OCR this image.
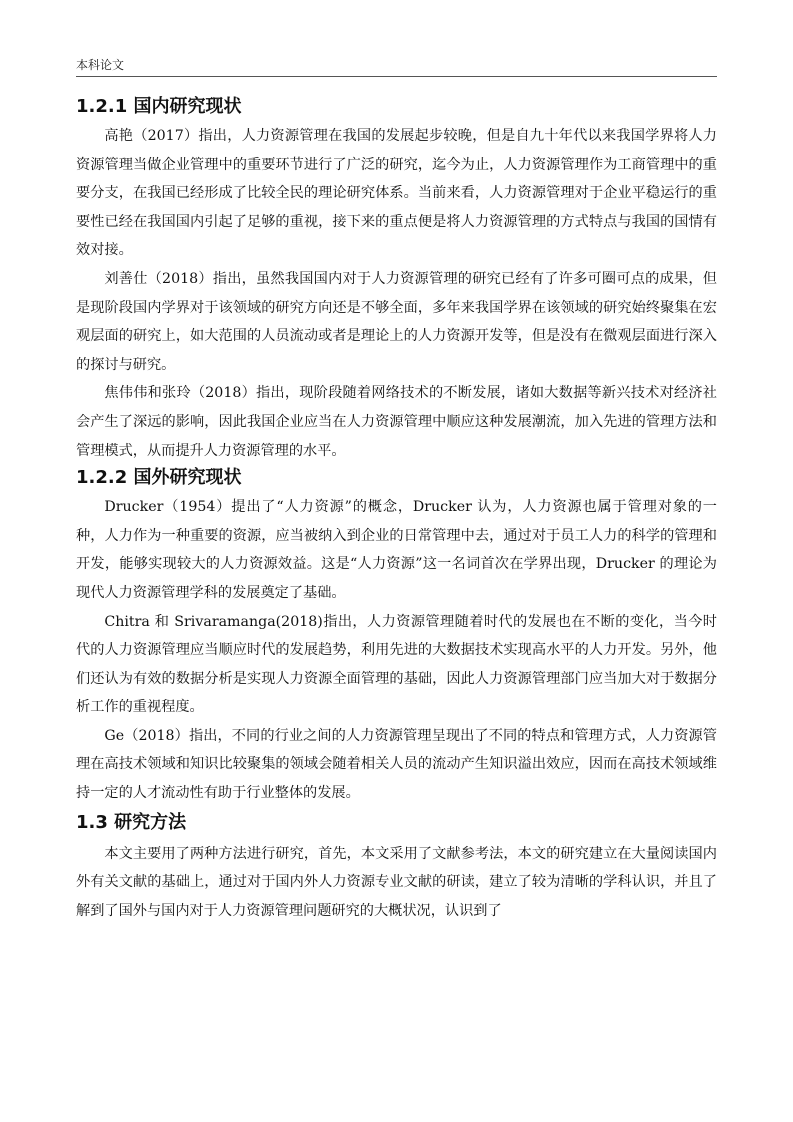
本科论文
1.2.1 国内研究现状

高艳（2017）指出，人力资源管理在我国的发展起步较晚，但是自九十年代以来我国学界将人力资源管理当做企业管理中的重要环节进行了广泛的研究，迄今为止，人力资源管理作为工商管理中的重要分支，在我国已经形成了比较全民的理论研究体系。当前来看，人力资源管理对于企业平稳运行的重要性已经在我国国内引起了足够的重视，接下来的重点便是将人力资源管理的方式特点与我国的国情有效对接。

刘善仕（2018）指出，虽然我国国内对于人力资源管理的研究已经有了许多可圈可点的成果，但是现阶段国内学界对于该领域的研究方向还是不够全面，多年来我国学界在该领域的研究始终聚集在宏观层面的研究上，如大范围的人员流动或者是理论上的人力资源开发等，但是没有在微观层面进行深入的探讨与研究。

焦伟伟和张玲（2018）指出，现阶段随着网络技术的不断发展，诸如大数据等新兴技术对经济社会产生了深远的影响，因此我国企业应当在人力资源管理中顺应这种发展潮流，加入先进的管理方法和管理模式，从而提升人力资源管理的水平。

1.2.2 国外研究现状

Drucker（1954）提出了“人力资源”的概念，Drucker 认为，人力资源也属于管理对象的一种，人力作为一种重要的资源，应当被纳入到企业的日常管理中去，通过对于员工人力的科学的管理和开发，能够实现较大的人力资源效益。这是“人力资源”这一名词首次在学界出现，Drucker 的理论为现代人力资源管理学科的发展奠定了基础。

Chitra 和 Srivaramanga(2018)指出，人力资源管理随着时代的发展也在不断的变化，当今时代的人力资源管理应当顺应时代的发展趋势，利用先进的大数据技术实现高水平的人力开发。另外，他们还认为有效的数据分析是实现人力资源全面管理的基础，因此人力资源管理部门应当加大对于数据分析工作的重视程度。

Ge（2018）指出，不同的行业之间的人力资源管理呈现出了不同的特点和管理方式，人力资源管理在高技术领域和知识比较聚集的领域会随着相关人员的流动产生知识溢出效应，因而在高技术领域维持一定的人才流动性有助于行业整体的发展。

1.3 研究方法

本文主要用了两种方法进行研究，首先，本文采用了文献参考法，本文的研究建立在大量阅读国内外有关文献的基础上，通过对于国内外人力资源专业文献的研读，建立了较为清晰的学科认识，并且了解到了国外与国内对于人力资源管理问题研究的大概状况，认识到了
